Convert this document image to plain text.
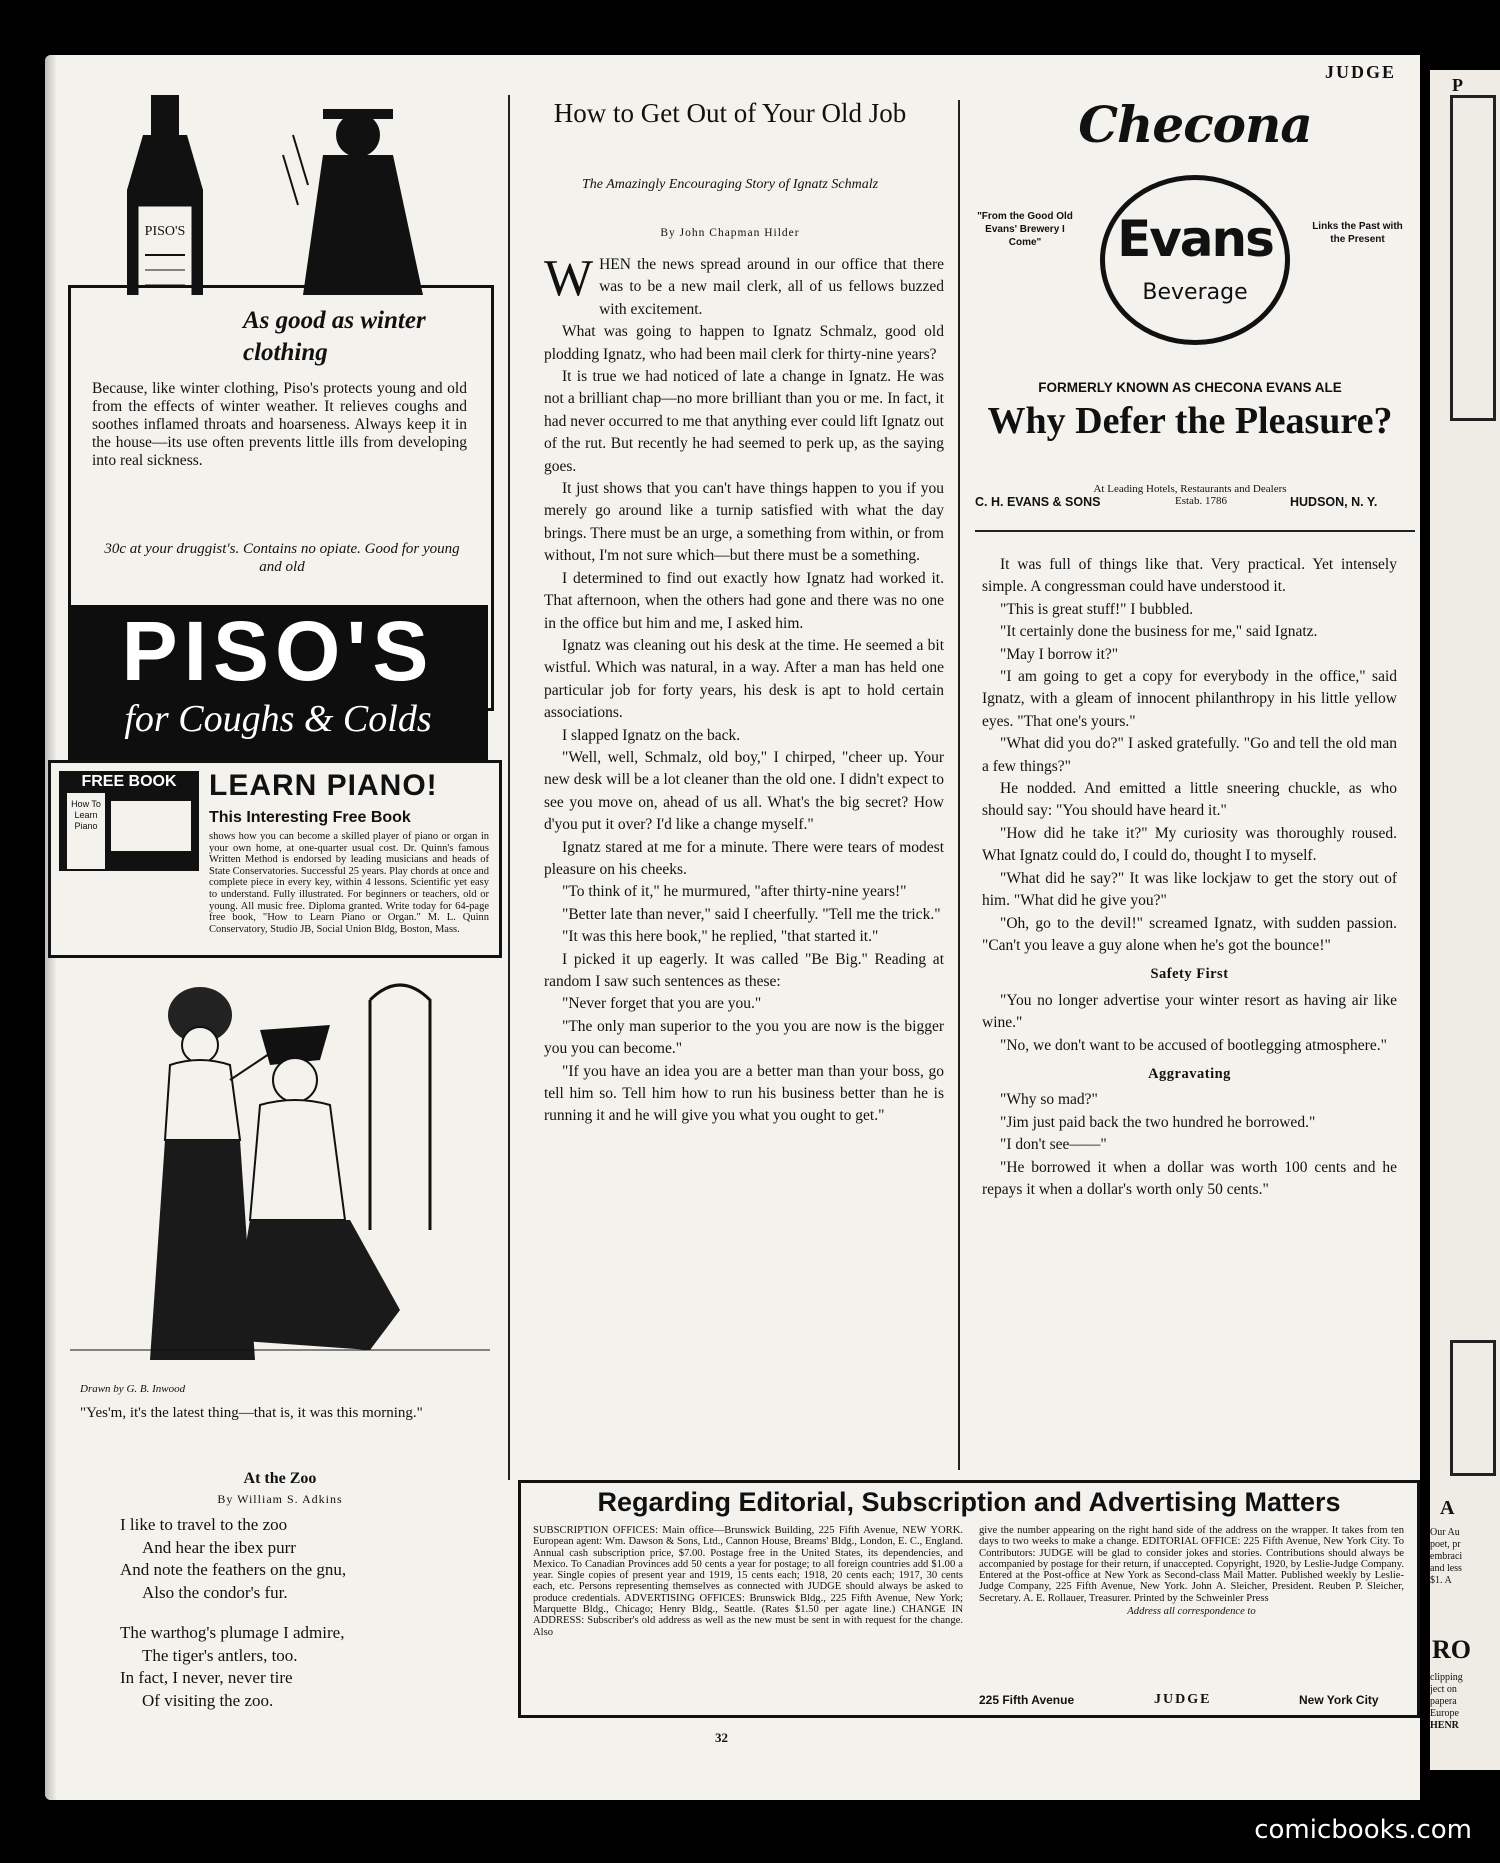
P
A
Our Au
poet, pr
embraci
and less
$1. A
RO
clipping
ject on
papera
Europe
HENR
JUDGE
PISO'S
As good as winter clothing
Because, like winter clothing, Piso's protects young and old from the effects of winter weather. It relieves coughs and soothes inflamed throats and hoarseness. Always keep it in the house—its use often prevents little ills from developing into real sickness.
30c at your druggist's. Contains no opiate. Good for young and old
PISO'S
for Coughs & Colds
FREE BOOK
How To Learn Piano
LEARN PIANO!
This Interesting Free Book
shows how you can become a skilled player of piano or organ in your own home, at one-quarter usual cost. Dr. Quinn's famous Written Method is endorsed by leading musicians and heads of State Conservatories. Successful 25 years. Play chords at once and complete piece in every key, within 4 lessons. Scientific yet easy to understand. Fully illustrated. For beginners or teachers, old or young. All music free. Diploma granted. Write today for 64-page free book, "How to Learn Piano or Organ." M. L. Quinn Conservatory, Studio JB, Social Union Bldg, Boston, Mass.
Drawn by G. B. Inwood
"Yes'm, it's the latest thing—that is, it was this morning."
At the Zoo
By William S. Adkins
I like to travel to the zoo
And hear the ibex purr
And note the feathers on the gnu,
Also the condor's fur.
The warthog's plumage I admire,
The tiger's antlers, too.
In fact, I never, never tire
Of visiting the zoo.
How to Get Out of Your Old Job
The Amazingly Encouraging Story of Ignatz Schmalz
By John Chapman Hilder

WHEN the news spread around in our office that there was to be a new mail clerk, all of us fellows buzzed with excitement.

What was going to happen to Ignatz Schmalz, good old plodding Ignatz, who had been mail clerk for thirty-nine years?

It is true we had noticed of late a change in Ignatz. He was not a brilliant chap—no more brilliant than you or me. In fact, it had never occurred to me that anything ever could lift Ignatz out of the rut. But recently he had seemed to perk up, as the saying goes.

It just shows that you can't have things happen to you if you merely go around like a turnip satisfied with what the day brings. There must be an urge, a something from within, or from without, I'm not sure which—but there must be a something.

I determined to find out exactly how Ignatz had worked it. That afternoon, when the others had gone and there was no one in the office but him and me, I asked him.

Ignatz was cleaning out his desk at the time. He seemed a bit wistful. Which was natural, in a way. After a man has held one particular job for forty years, his desk is apt to hold certain associations.

I slapped Ignatz on the back.

"Well, well, Schmalz, old boy," I chirped, "cheer up. Your new desk will be a lot cleaner than the old one. I didn't expect to see you move on, ahead of us all. What's the big secret? How d'you put it over? I'd like a change myself."

Ignatz stared at me for a minute. There were tears of modest pleasure on his cheeks.

"To think of it," he murmured, "after thirty-nine years!"

"Better late than never," said I cheerfully. "Tell me the trick."

"It was this here book," he replied, "that started it."

I picked it up eagerly. It was called "Be Big." Reading at random I saw such sentences as these:

"Never forget that you are you."

"The only man superior to the you you are now is the bigger you you can become."

"If you have an idea you are a better man than your boss, go tell him so. Tell him how to run his business better than he is running it and he will give you what you ought to get."

Checona
Evans
Beverage
"From the Good Old Evans' Brewery I Come"
Links the Past with the Present
FORMERLY KNOWN AS CHECONA EVANS ALE
Why Defer the Pleasure?
At Leading Hotels, Restaurants and Dealers
C. H. EVANS & SONS	Estab. 1786	HUDSON, N. Y.

It was full of things like that. Very practical. Yet intensely simple. A congressman could have understood it.

"This is great stuff!" I bubbled.

"It certainly done the business for me," said Ignatz.

"May I borrow it?"

"I am going to get a copy for everybody in the office," said Ignatz, with a gleam of innocent philanthropy in his little yellow eyes. "That one's yours."

"What did you do?" I asked gratefully. "Go and tell the old man a few things?"

He nodded. And emitted a little sneering chuckle, as who should say: "You should have heard it."

"How did he take it?" My curiosity was thoroughly roused. What Ignatz could do, I could do, thought I to myself.

"What did he say?" It was like lockjaw to get the story out of him. "What did he give you?"

"Oh, go to the devil!" screamed Ignatz, with sudden passion. "Can't you leave a guy alone when he's got the bounce!"

Safety First

"You no longer advertise your winter resort as having air like wine."

"No, we don't want to be accused of bootlegging atmosphere."

Aggravating

"Why so mad?"

"Jim just paid back the two hundred he borrowed."

"I don't see——"

"He borrowed it when a dollar was worth 100 cents and he repays it when a dollar's worth only 50 cents."

Regarding Editorial, Subscription and Advertising Matters
SUBSCRIPTION OFFICES: Main office—Brunswick Building, 225 Fifth Avenue, NEW YORK. European agent: Wm. Dawson & Sons, Ltd., Cannon House, Breams' Bldg., London, E. C., England. Annual cash subscription price, $7.00. Postage free in the United States, its dependencies, and Mexico. To Canadian Provinces add 50 cents a year for postage; to all foreign countries add $1.00 a year. Single copies of present year and 1919, 15 cents each; 1918, 20 cents each; 1917, 30 cents each, etc. Persons representing themselves as connected with JUDGE should always be asked to produce credentials. ADVERTISING OFFICES: Brunswick Bldg., 225 Fifth Avenue, New York; Marquette Bldg., Chicago; Henry Bldg., Seattle. (Rates $1.50 per agate line.) CHANGE IN ADDRESS: Subscriber's old address as well as the new must be sent in with request for the change. Also
give the number appearing on the right hand side of the address on the wrapper. It takes from ten days to two weeks to make a change. EDITORIAL OFFICE: 225 Fifth Avenue, New York City. To Contributors: JUDGE will be glad to consider jokes and stories. Contributions should always be accompanied by postage for their return, if unaccepted. Copyright, 1920, by Leslie-Judge Company. Entered at the Post-office at New York as Second-class Mail Matter. Published weekly by Leslie-Judge Company, 225 Fifth Avenue, New York. John A. Sleicher, President. Reuben P. Sleicher, Secretary. A. E. Rollauer, Treasurer. Printed by the Schweinler Press
Address all correspondence to
225 Fifth Avenue	JUDGE	New York City
32
comicbooks.com
